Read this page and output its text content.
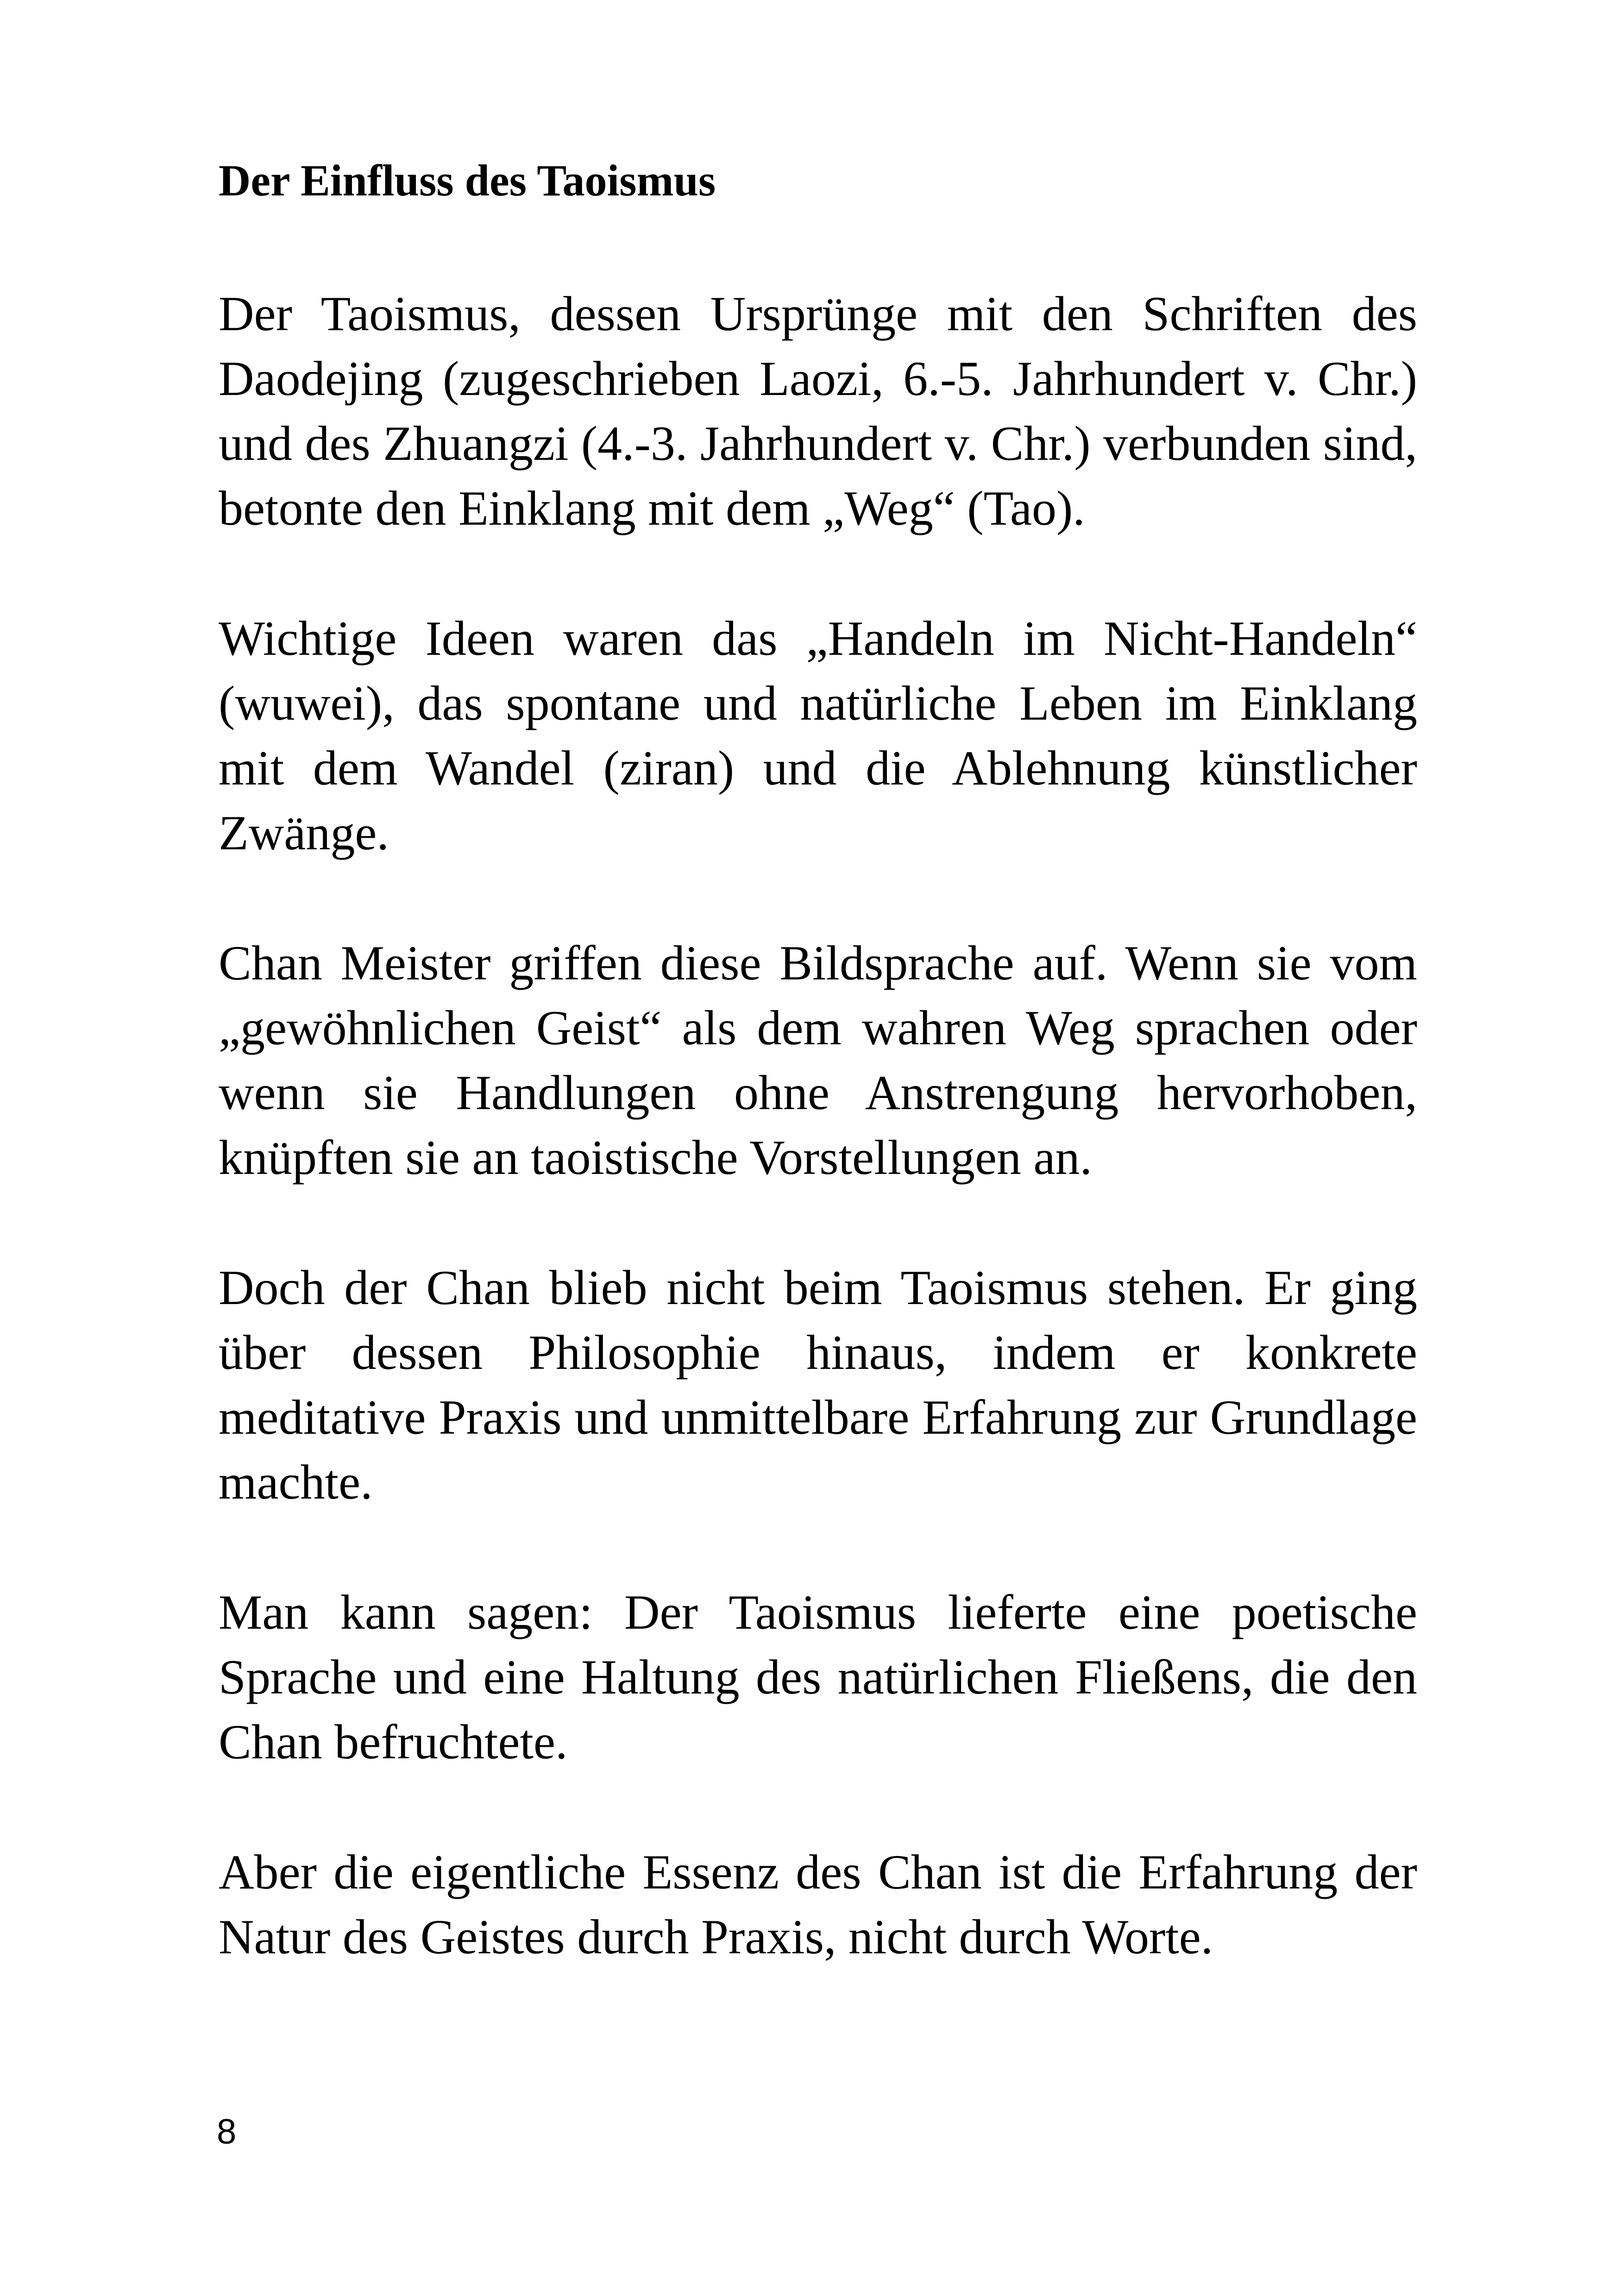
Der Einfluss des Taoismus

Der Taoismus, dessen Ursprünge mit den Schriften des Daodejing (zugeschrieben Laozi, 6.-5. Jahrhundert v. Chr.) und des Zhuangzi (4.-3. Jahrhundert v. Chr.) verbunden sind, betonte den Einklang mit dem „Weg“ (Tao).

Wichtige Ideen waren das „Handeln im Nicht-Handeln“ (wuwei), das spontane und natürliche Leben im Einklang mit dem Wandel (ziran) und die Ablehnung künstlicher Zwänge.

Chan Meister griffen diese Bildsprache auf. Wenn sie vom „gewöhnlichen Geist“ als dem wahren Weg sprachen oder wenn sie Handlungen ohne Anstrengung hervorhoben, knüpften sie an taoistische Vorstellungen an.

Doch der Chan blieb nicht beim Taoismus stehen. Er ging über dessen Philosophie hinaus, indem er konkrete meditative Praxis und unmittelbare Erfahrung zur Grundlage machte.

Man kann sagen: Der Taoismus lieferte eine poetische Sprache und eine Haltung des natürlichen Fließens, die den Chan befruchtete.

Aber die eigentliche Essenz des Chan ist die Erfahrung der Natur des Geistes durch Praxis, nicht durch Worte.

8
